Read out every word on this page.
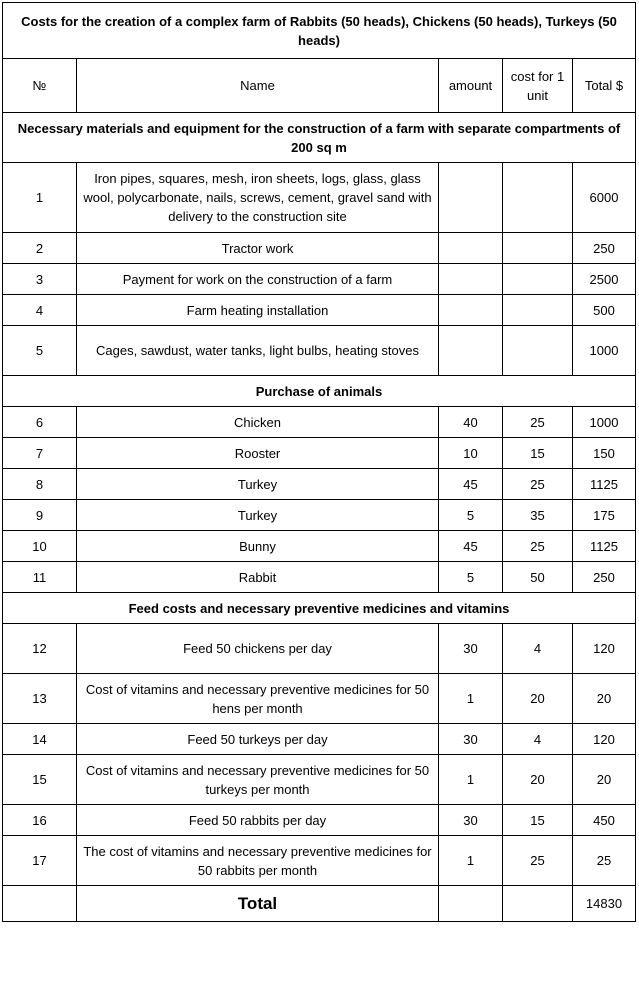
Costs for the creation of a complex farm of Rabbits (50 heads), Chickens (50 heads), Turkeys (50 heads)				
№	Name	amount	cost for 1 unit	Total $
Necessary materials and equipment for the construction of a farm with separate compartments of 200 sq m				
1	Iron pipes, squares, mesh, iron sheets, logs, glass, glass wool, polycarbonate, nails, screws, cement, gravel sand with delivery to the construction site			6000
2	Tractor work			250
3	Payment for work on the construction of a farm			2500
4	Farm heating installation			500
5	Cages, sawdust, water tanks, light bulbs, heating stoves			1000
Purchase of animals				
6	Chicken	40	25	1000
7	Rooster	10	15	150
8	Turkey	45	25	1125
9	Turkey	5	35	175
10	Bunny	45	25	1125
11	Rabbit	5	50	250
Feed costs and necessary preventive medicines and vitamins				
12	Feed 50 chickens per day	30	4	120
13	Cost of vitamins and necessary preventive medicines for 50 hens per month	1	20	20
14	Feed 50 turkeys per day	30	4	120
15	Cost of vitamins and necessary preventive medicines for 50 turkeys per month	1	20	20
16	Feed 50 rabbits per day	30	15	450
17	The cost of vitamins and necessary preventive medicines for 50 rabbits per month	1	25	25
	Total			14830
